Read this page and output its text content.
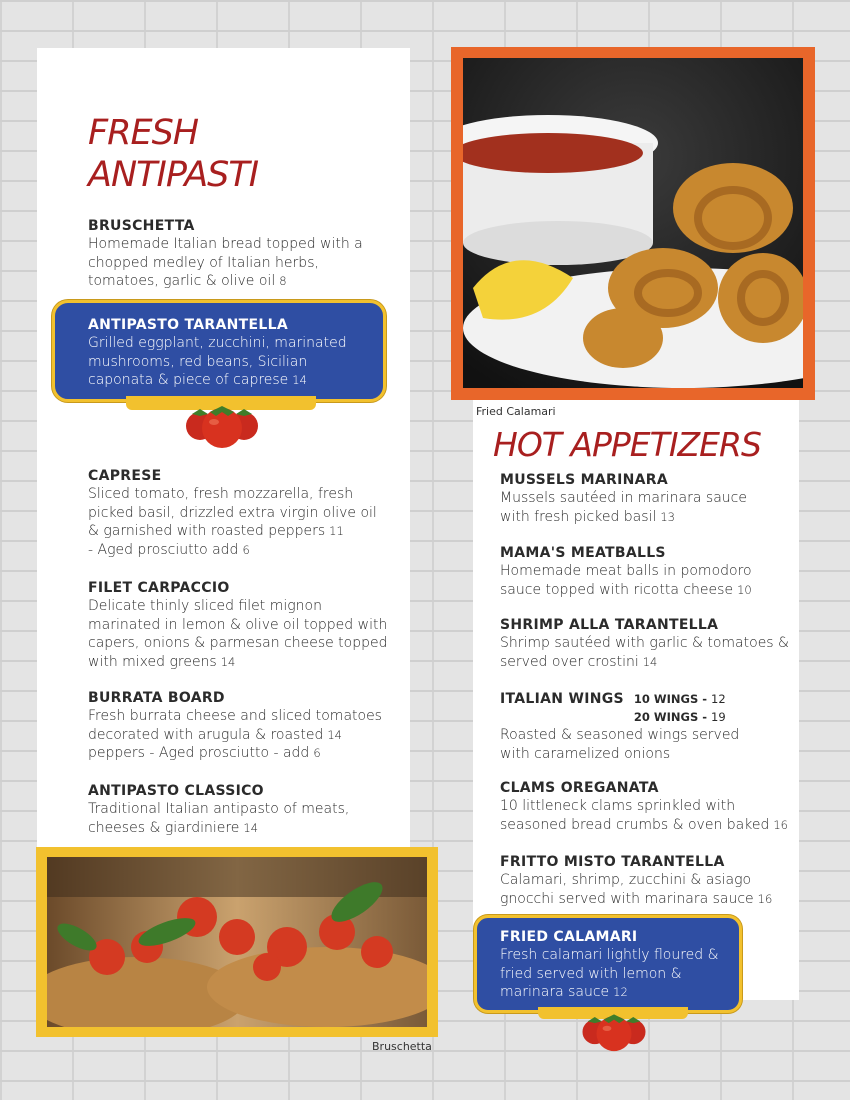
FRESH
ANTIPASTI
BRUSCHETTA
Homemade Italian bread topped with a chopped medley of Italian herbs, tomatoes, garlic & olive oil 8
ANTIPASTO TARANTELLA
Grilled eggplant, zucchini, marinated mushrooms, red beans, Sicilian caponata & piece of caprese 14
CAPRESE
Sliced tomato, fresh mozzarella, fresh picked basil, drizzled extra virgin olive oil & garnished with roasted peppers 11
- Aged prosciutto add 6
FILET CARPACCIO
Delicate thinly sliced filet mignon marinated in lemon & olive oil topped with capers, onions & parmesan cheese topped with mixed greens 14
BURRATA BOARD
Fresh burrata cheese and sliced tomatoes decorated with arugula & roasted 14
peppers - Aged prosciutto - add 6
ANTIPASTO CLASSICO
Traditional Italian antipasto of meats, cheeses & giardiniere 14
Fried Calamari
HOT APPETIZERS
MUSSELS MARINARA
Mussels sautéed in marinara sauce with fresh picked basil 13
MAMA'S MEATBALLS
Homemade meat balls in pomodoro sauce topped with ricotta cheese 10
SHRIMP ALLA TARANTELLA
Shrimp sautéed with garlic & tomatoes & served over crostini 14
ITALIAN WINGS 10 WINGS - 12
20 WINGS - 19
Roasted & seasoned wings served with caramelized onions
CLAMS OREGANATA
10 littleneck clams sprinkled with seasoned bread crumbs & oven baked 16
FRITTO MISTO TARANTELLA
Calamari, shrimp, zucchini & asiago gnocchi served with marinara sauce 16
FRIED CALAMARI
Fresh calamari lightly floured & fried served with lemon & marinara sauce 12
Bruschetta
